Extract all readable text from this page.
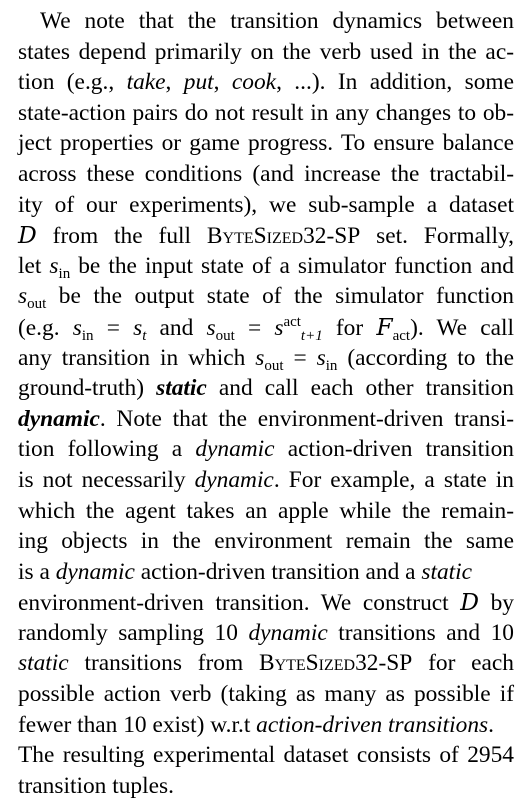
We note that the transition dynamics between
states depend primarily on the verb used in the ac-
tion (e.g., take, put, cook, ...). In addition, some
state-action pairs do not result in any changes to ob-
ject properties or game progress. To ensure balance
across these conditions (and increase the tractabil-
ity of our experiments), we sub-sample a dataset
D from the full ByteSized32-SP set. Formally,
let $s_{in}$ be the input state of a simulator function and
$s_{out}$ be the output state of the simulator function
(e.g. $s_{in} = s_t$ and $s_{out} = s^{act}_{t+1}$ for $F_{act}$). We call
any transition in which $s_{out} = s_{in}$ (according to the
ground-truth) static and call each other transition
dynamic. Note that the environment-driven transi-
tion following a dynamic action-driven transition
is not necessarily dynamic. For example, a state in
which the agent takes an apple while the remain-
ing objects in the environment remain the same
is a dynamic action-driven transition and a static
environment-driven transition. We construct D by
randomly sampling 10 dynamic transitions and 10
static transitions from ByteSized32-SP for each
possible action verb (taking as many as possible if
fewer than 10 exist) w.r.t action-driven transitions.
The resulting experimental dataset consists of 2954
transition tuples.
